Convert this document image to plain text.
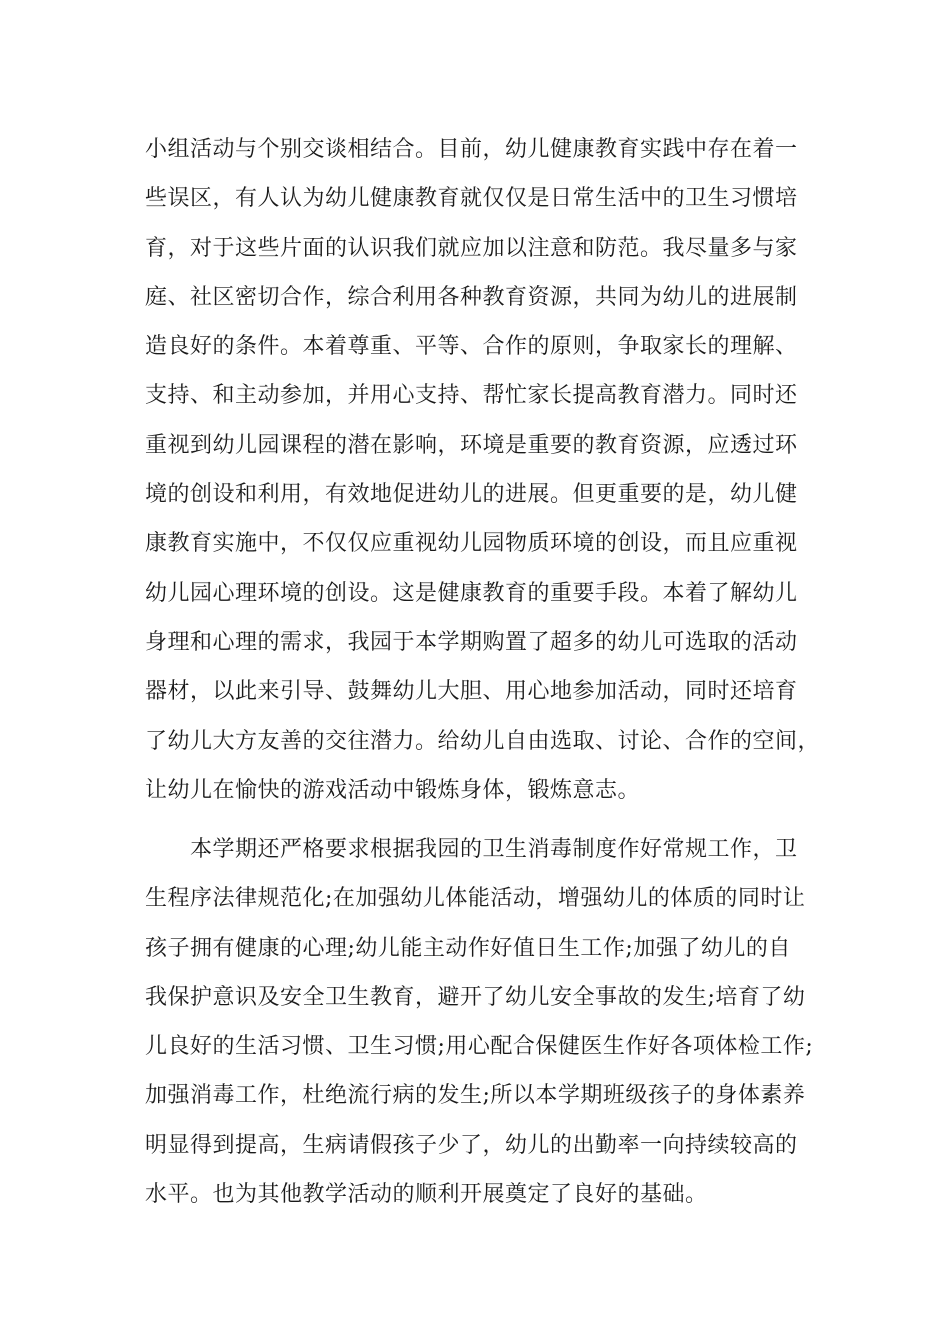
小组活动与个别交谈相结合。目前，幼儿健康教育实践中存在着一
些误区，有人认为幼儿健康教育就仅仅是日常生活中的卫生习惯培
育，对于这些片面的认识我们就应加以注意和防范。我尽量多与家
庭、社区密切合作，综合利用各种教育资源，共同为幼儿的进展制
造良好的条件。本着尊重、平等、合作的原则，争取家长的理解、
支持、和主动参加，并用心支持、帮忙家长提高教育潜力。同时还
重视到幼儿园课程的潜在影响，环境是重要的教育资源，应透过环
境的创设和利用，有效地促进幼儿的进展。但更重要的是，幼儿健
康教育实施中，不仅仅应重视幼儿园物质环境的创设，而且应重视
幼儿园心理环境的创设。这是健康教育的重要手段。本着了解幼儿
身理和心理的需求，我园于本学期购置了超多的幼儿可选取的活动
器材，以此来引导、鼓舞幼儿大胆、用心地参加活动，同时还培育
了幼儿大方友善的交往潜力。给幼儿自由选取、讨论、合作的空间，
让幼儿在愉快的游戏活动中锻炼身体，锻炼意志。
本学期还严格要求根据我园的卫生消毒制度作好常规工作，卫
生程序法律规范化;在加强幼儿体能活动，增强幼儿的体质的同时让
孩子拥有健康的心理;幼儿能主动作好值日生工作;加强了幼儿的自
我保护意识及安全卫生教育，避开了幼儿安全事故的发生;培育了幼
儿良好的生活习惯、卫生习惯;用心配合保健医生作好各项体检工作;
加强消毒工作，杜绝流行病的发生;所以本学期班级孩子的身体素养
明显得到提高，生病请假孩子少了，幼儿的出勤率一向持续较高的
水平。也为其他教学活动的顺利开展奠定了良好的基础。
